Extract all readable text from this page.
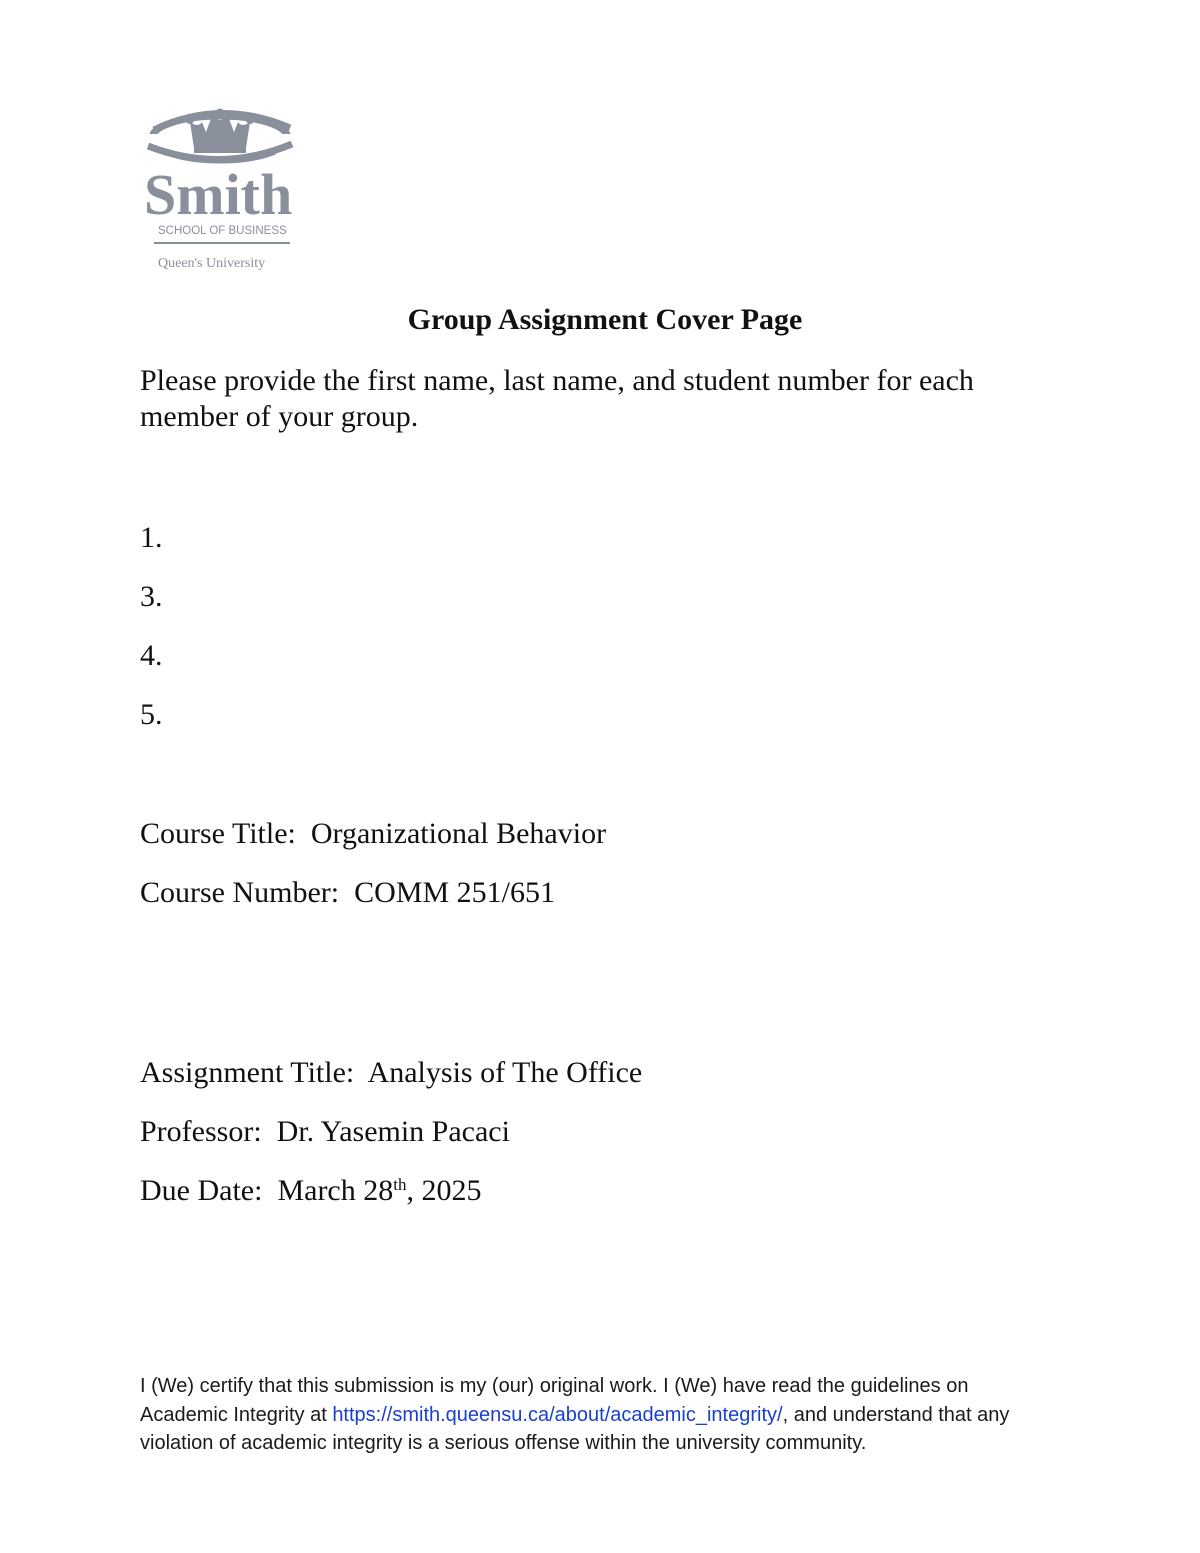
Smith
SCHOOL OF BUSINESS
Queen's University
Group Assignment Cover Page
Please provide the first name, last name, and student number for each member of your group.
1.
3.
4.
5.
Course Title: Organizational Behavior
Course Number: COMM 251/651
Assignment Title: Analysis of The Office
Professor: Dr. Yasemin Pacaci
Due Date: March 28th, 2025
I (We) certify that this submission is my (our) original work. I (We) have read the guidelines on Academic Integrity at https://smith.queensu.ca/about/academic_integrity/, and understand that any violation of academic integrity is a serious offense within the university community.
